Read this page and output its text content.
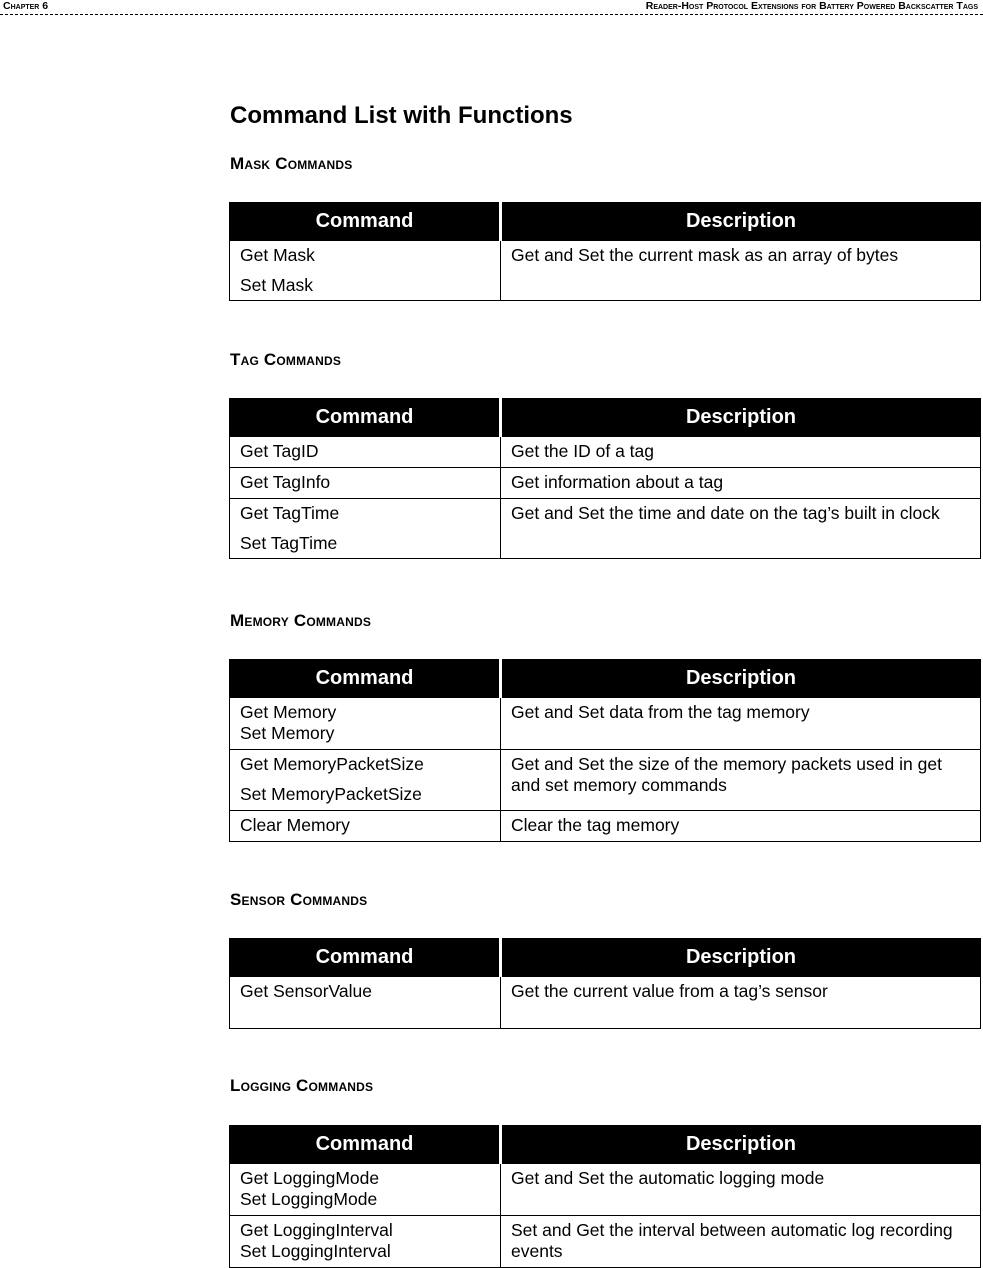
Chapter 6	Reader-Host Protocol Extensions for Battery Powered Backscatter Tags
Command List with Functions
Mask Commands
Command	Description

Get Mask
Set Mask	Get and Set the current mask as an array of bytes
Tag Commands
Command	Description

Get TagID	Get the ID of a tag

Get TagInfo	Get information about a tag

Get TagTime
Set TagTime	Get and Set the time and date on the tag’s built in clock
Memory Commands
Command	Description

Get Memory
Set Memory	Get and Set data from the tag memory

Get MemoryPacketSize
Set MemoryPacketSize	Get and Set the size of the memory packets used in get and set memory commands

Clear Memory	Clear the tag memory
Sensor Commands
Command	Description

Get SensorValue	Get the current value from a tag’s sensor
Logging Commands
Command	Description

Get LoggingMode
Set LoggingMode	Get and Set the automatic logging mode

Get LoggingInterval
Set LoggingInterval	Set and Get the interval between automatic log recording events
